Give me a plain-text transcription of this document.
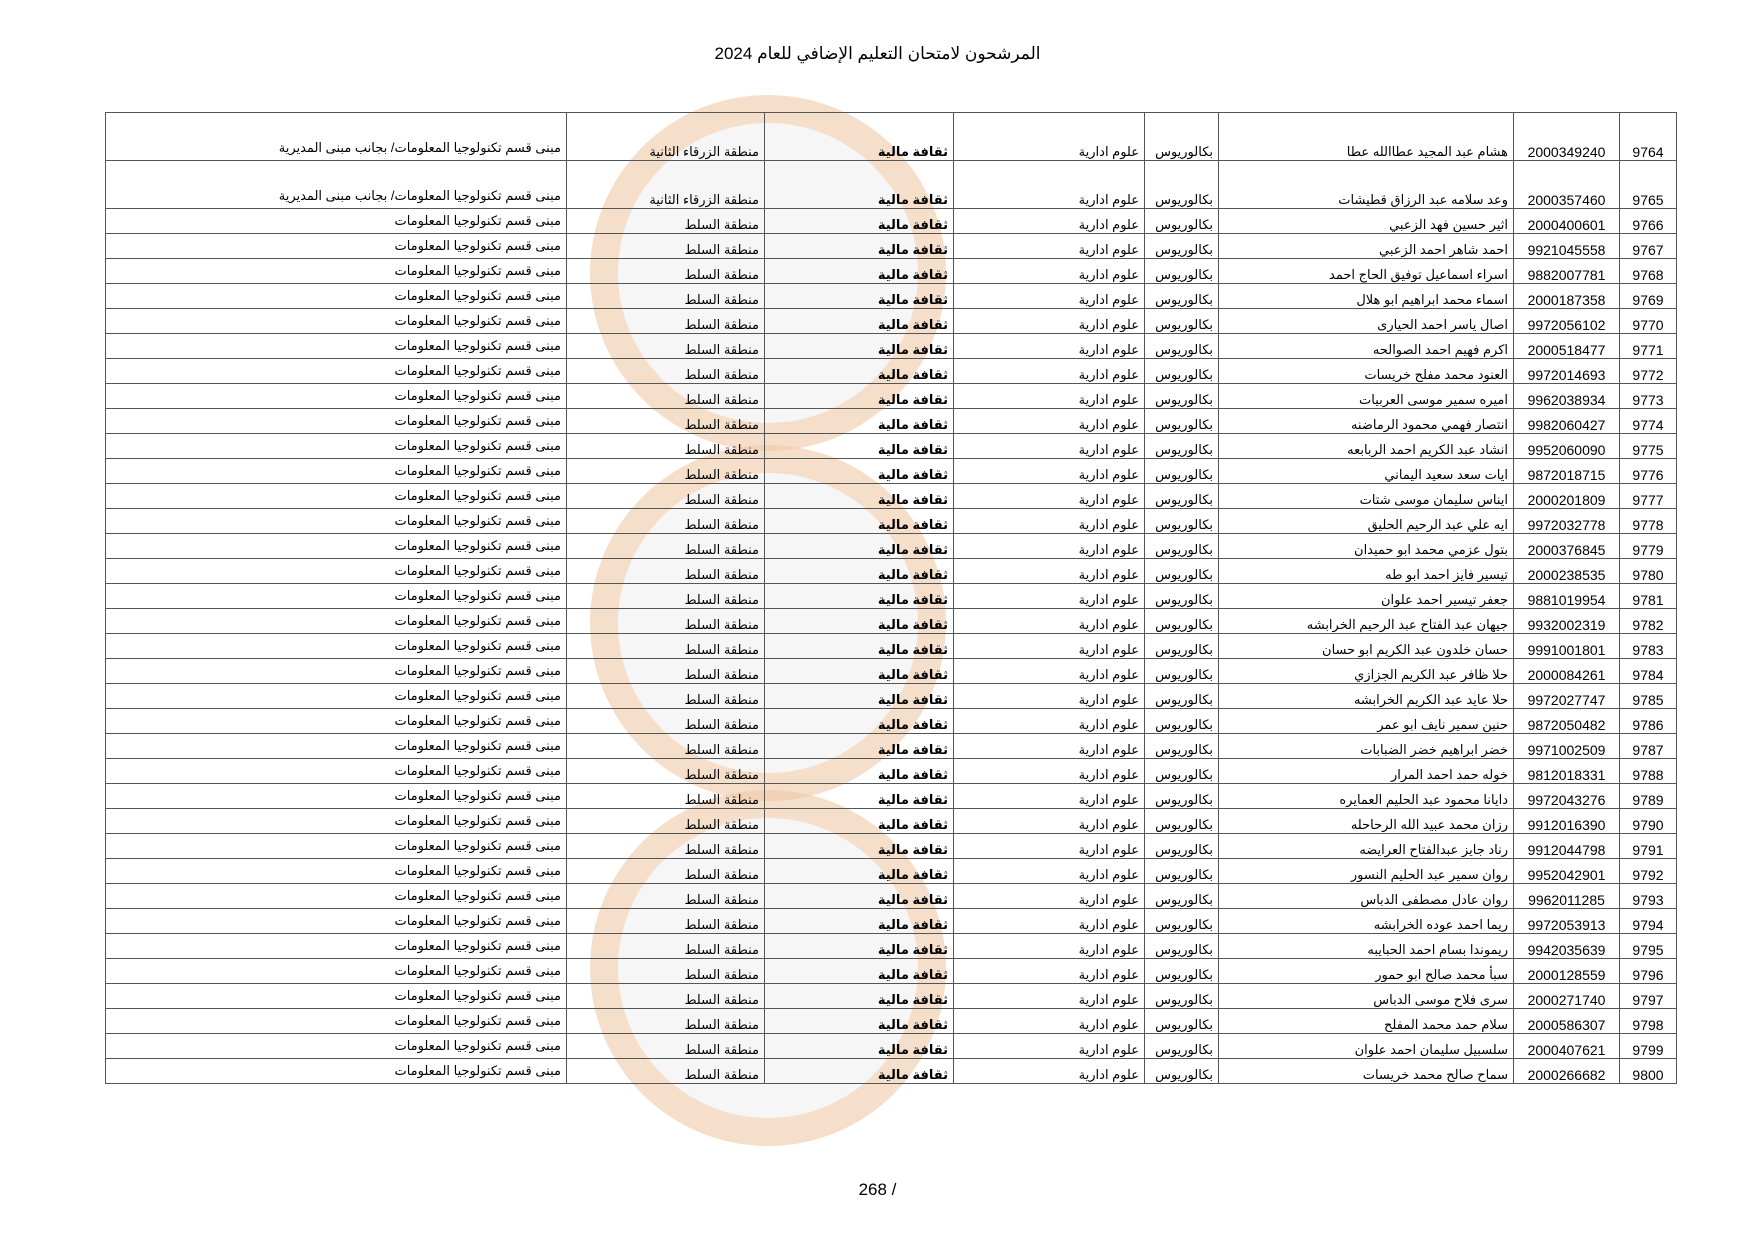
المرشحون لامتحان التعليم الإضافي للعام 2024
9764	2000349240	هشام عبد المجيد عطاالله عطا	بكالوريوس	علوم ادارية	ثقافة مالية	منطقة الزرقاء الثانية	مبنى قسم تكنولوجيا المعلومات/ بجانب مبنى المديرية
9765	2000357460	وعد سلامه عبد الرزاق قطيشات	بكالوريوس	علوم ادارية	ثقافة مالية	منطقة الزرقاء الثانية	مبنى قسم تكنولوجيا المعلومات/ بجانب مبنى المديرية
9766	2000400601	اثير حسين فهد الزعبي	بكالوريوس	علوم ادارية	ثقافة مالية	منطقة السلط	مبنى قسم تكنولوجيا المعلومات
9767	9921045558	احمد شاهر احمد الزعبي	بكالوريوس	علوم ادارية	ثقافة مالية	منطقة السلط	مبنى قسم تكنولوجيا المعلومات
9768	9882007781	اسراء اسماعيل توفيق الحاج احمد	بكالوريوس	علوم ادارية	ثقافة مالية	منطقة السلط	مبنى قسم تكنولوجيا المعلومات
9769	2000187358	اسماء محمد ابراهيم ابو هلال	بكالوريوس	علوم ادارية	ثقافة مالية	منطقة السلط	مبنى قسم تكنولوجيا المعلومات
9770	9972056102	اصال ياسر احمد الحيارى	بكالوريوس	علوم ادارية	ثقافة مالية	منطقة السلط	مبنى قسم تكنولوجيا المعلومات
9771	2000518477	اكرم فهيم احمد الصوالحه	بكالوريوس	علوم ادارية	ثقافة مالية	منطقة السلط	مبنى قسم تكنولوجيا المعلومات
9772	9972014693	العنود محمد مفلح خريسات	بكالوريوس	علوم ادارية	ثقافة مالية	منطقة السلط	مبنى قسم تكنولوجيا المعلومات
9773	9962038934	اميره سمير موسى العربيات	بكالوريوس	علوم ادارية	ثقافة مالية	منطقة السلط	مبنى قسم تكنولوجيا المعلومات
9774	9982060427	انتصار فهمي محمود الرماضنه	بكالوريوس	علوم ادارية	ثقافة مالية	منطقة السلط	مبنى قسم تكنولوجيا المعلومات
9775	9952060090	انشاد عبد الكريم احمد الربابعه	بكالوريوس	علوم ادارية	ثقافة مالية	منطقة السلط	مبنى قسم تكنولوجيا المعلومات
9776	9872018715	ايات سعد سعيد اليماني	بكالوريوس	علوم ادارية	ثقافة مالية	منطقة السلط	مبنى قسم تكنولوجيا المعلومات
9777	2000201809	ايناس سليمان موسى شتات	بكالوريوس	علوم ادارية	ثقافة مالية	منطقة السلط	مبنى قسم تكنولوجيا المعلومات
9778	9972032778	ايه علي عبد الرحيم الحليق	بكالوريوس	علوم ادارية	ثقافة مالية	منطقة السلط	مبنى قسم تكنولوجيا المعلومات
9779	2000376845	بتول عزمي محمد ابو حميدان	بكالوريوس	علوم ادارية	ثقافة مالية	منطقة السلط	مبنى قسم تكنولوجيا المعلومات
9780	2000238535	تيسير فايز احمد ابو طه	بكالوريوس	علوم ادارية	ثقافة مالية	منطقة السلط	مبنى قسم تكنولوجيا المعلومات
9781	9881019954	جعفر تيسير احمد علوان	بكالوريوس	علوم ادارية	ثقافة مالية	منطقة السلط	مبنى قسم تكنولوجيا المعلومات
9782	9932002319	جيهان عبد الفتاح عبد الرحيم الخرابشه	بكالوريوس	علوم ادارية	ثقافة مالية	منطقة السلط	مبنى قسم تكنولوجيا المعلومات
9783	9991001801	حسان خلدون عبد الكريم ابو حسان	بكالوريوس	علوم ادارية	ثقافة مالية	منطقة السلط	مبنى قسم تكنولوجيا المعلومات
9784	2000084261	حلا ظافر عبد الكريم الجزازي	بكالوريوس	علوم ادارية	ثقافة مالية	منطقة السلط	مبنى قسم تكنولوجيا المعلومات
9785	9972027747	حلا عايد عبد الكريم الخرابشه	بكالوريوس	علوم ادارية	ثقافة مالية	منطقة السلط	مبنى قسم تكنولوجيا المعلومات
9786	9872050482	حنين سمير نايف ابو عمر	بكالوريوس	علوم ادارية	ثقافة مالية	منطقة السلط	مبنى قسم تكنولوجيا المعلومات
9787	9971002509	خضر ابراهيم خضر الضبابات	بكالوريوس	علوم ادارية	ثقافة مالية	منطقة السلط	مبنى قسم تكنولوجيا المعلومات
9788	9812018331	خوله حمد احمد المرار	بكالوريوس	علوم ادارية	ثقافة مالية	منطقة السلط	مبنى قسم تكنولوجيا المعلومات
9789	9972043276	دايانا محمود عبد الحليم العمايره	بكالوريوس	علوم ادارية	ثقافة مالية	منطقة السلط	مبنى قسم تكنولوجيا المعلومات
9790	9912016390	رزان محمد عبيد الله الرحاحله	بكالوريوس	علوم ادارية	ثقافة مالية	منطقة السلط	مبنى قسم تكنولوجيا المعلومات
9791	9912044798	رناد جايز عبدالفتاح العرايضه	بكالوريوس	علوم ادارية	ثقافة مالية	منطقة السلط	مبنى قسم تكنولوجيا المعلومات
9792	9952042901	روان سمير عبد الحليم النسور	بكالوريوس	علوم ادارية	ثقافة مالية	منطقة السلط	مبنى قسم تكنولوجيا المعلومات
9793	9962011285	روان عادل مصطفى الدباس	بكالوريوس	علوم ادارية	ثقافة مالية	منطقة السلط	مبنى قسم تكنولوجيا المعلومات
9794	9972053913	ريما احمد عوده الخرابشه	بكالوريوس	علوم ادارية	ثقافة مالية	منطقة السلط	مبنى قسم تكنولوجيا المعلومات
9795	9942035639	ريموندا بسام احمد الحبايبه	بكالوريوس	علوم ادارية	ثقافة مالية	منطقة السلط	مبنى قسم تكنولوجيا المعلومات
9796	2000128559	سبأ محمد صالح ابو حمور	بكالوريوس	علوم ادارية	ثقافة مالية	منطقة السلط	مبنى قسم تكنولوجيا المعلومات
9797	2000271740	سرى فلاح موسى الدباس	بكالوريوس	علوم ادارية	ثقافة مالية	منطقة السلط	مبنى قسم تكنولوجيا المعلومات
9798	2000586307	سلام حمد محمد المفلح	بكالوريوس	علوم ادارية	ثقافة مالية	منطقة السلط	مبنى قسم تكنولوجيا المعلومات
9799	2000407621	سلسبيل سليمان احمد علوان	بكالوريوس	علوم ادارية	ثقافة مالية	منطقة السلط	مبنى قسم تكنولوجيا المعلومات
9800	2000266682	سماح صالح محمد خريسات	بكالوريوس	علوم ادارية	ثقافة مالية	منطقة السلط	مبنى قسم تكنولوجيا المعلومات
268 /
